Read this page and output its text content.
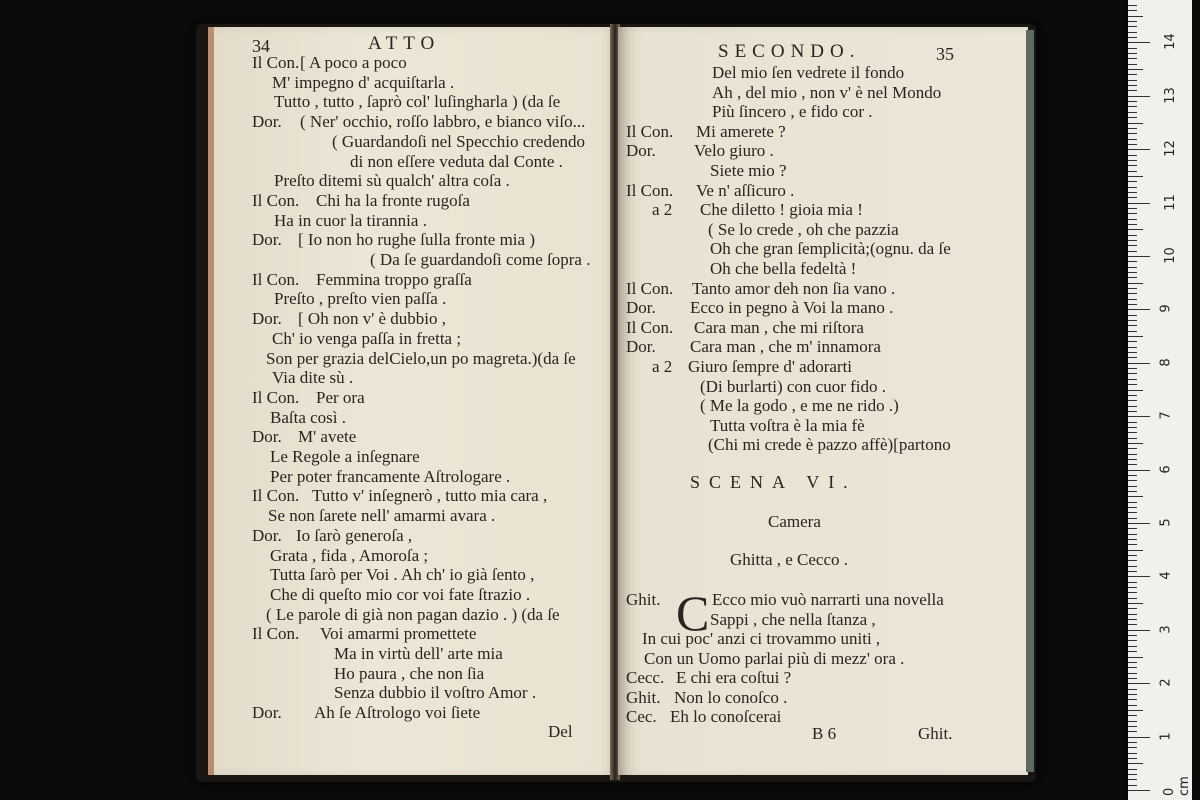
34	ATTO
Il Con. [ A poco a poco
M' impegno d' acquiſtarla .
Tutto , tutto , ſaprò col' luſingharla ) (da ſe
Dor. ( Ner' occhio, roſſo labbro, e bianco viſo...
( Guardandoſi nel Specchio credendo
di non eſſere veduta dal Conte .
Preſto ditemi sù qualch' altra coſa .
Il Con. Chi ha la fronte rugoſa
Ha in cuor la tirannia .
Dor. [ Io non ho rughe ſulla fronte mia )
( Da ſe guardandoſi come ſopra .
Il Con. Femmina troppo graſſa
Preſto , preſto vien paſſa .
Dor. [ Oh non v' è dubbio ,
Ch' io venga paſſa in fretta ;
Son per grazia delCielo,un po magreta.)(da ſe
Via dite sù .
Il Con. Per ora
Baſta così .
Dor. M' avete
Le Regole a inſegnare
Per poter francamente Aſtrologare .
Il Con. Tutto v' inſegnerò , tutto mia cara ,
Se non ſarete nell' amarmi avara .
Dor. Io ſarò generoſa ,
Grata , fida , Amoroſa ;
Tutta ſarò per Voi . Ah ch' io già ſento ,
Che di queſto mio cor voi fate ſtrazio .
( Le parole di già non pagan dazio . ) (da ſe
Il Con. Voi amarmi promettete
Ma in virtù dell' arte mia
Ho paura , che non ſia
Senza dubbio il voſtro Amor .
Dor. Ah ſe Aſtrologo voi ſiete
Del
SECONDO.	35
Del mio ſen vedrete il fondo
Ah , del mio , non v' è nel Mondo
Più ſincero , e fido cor .
Il Con. Mi amerete ?
Dor. Velo giuro .
Siete mio ?
Il Con. Ve n' aſſicuro .
a 2 Che diletto ! gioia mia !
( Se lo crede , oh che pazzia
Oh che gran ſemplicità;(ognu. da ſe
Oh che bella fedeltà !
Il Con. Tanto amor deh non ſia vano .
Dor. Ecco in pegno à Voi la mano .
Il Con. Cara man , che mi riſtora
Dor. Cara man , che m' innamora
a 2 Giuro ſempre d' adorarti
(Di burlarti) con cuor fido .
( Me la godo , e me ne rido .)
Tutta voſtra è la mia fè
(Chi mi crede è pazzo affè)[partono
SCENA VI.
Camera
Ghitta , e Cecco .
C
Ghit.	Ecco mio vuò narrarti una novella
Sappi , che nella ſtanza ,
In cui poc' anzi ci trovammo uniti ,
Con un Uomo parlai più di mezz' ora .
Cecc. E chi era coſtui ?
Ghit. Non lo conoſco .
Cec. Eh lo conoſcerai
B 6	Ghit.
0 cm
1
2
3
4
5
6
7
8
9
10
11
12
13
14
